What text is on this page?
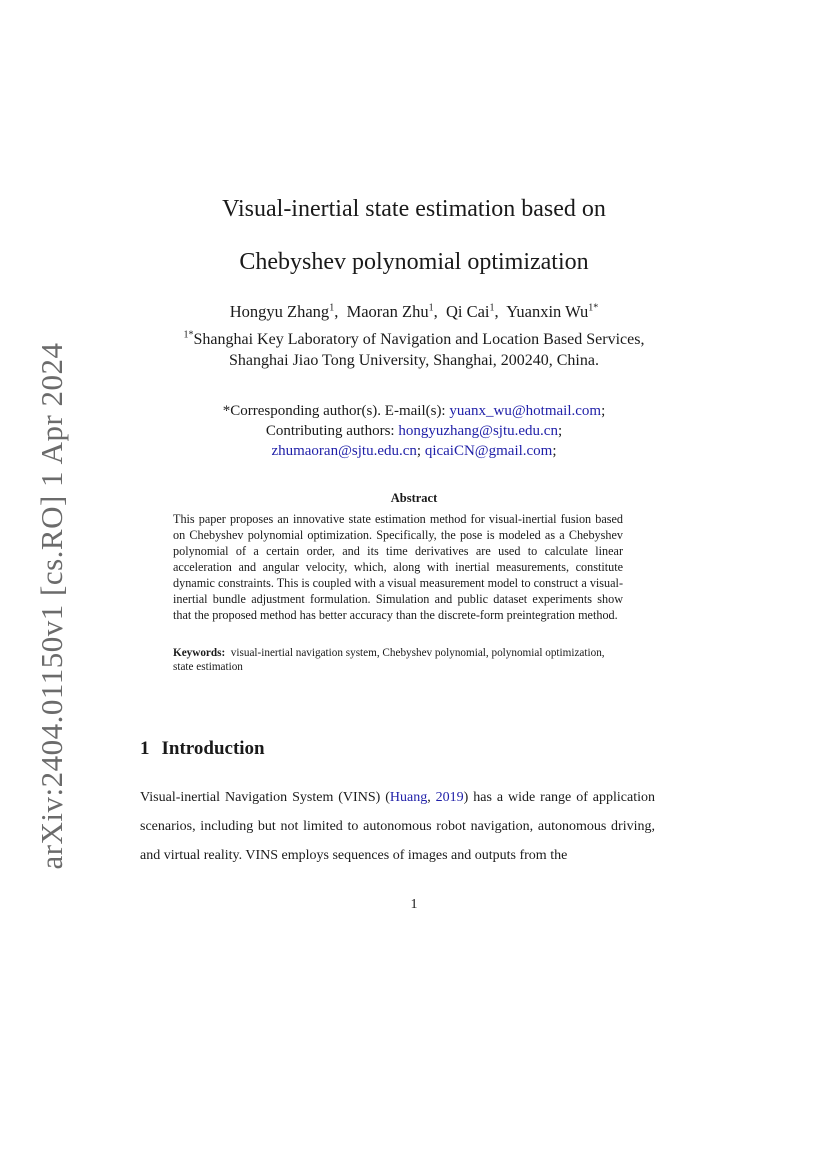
arXiv:2404.01150v1 [cs.RO] 1 Apr 2024
Visual-inertial state estimation based on
Chebyshev polynomial optimization
Hongyu Zhang$^1$,  Maoran Zhu$^1$,  Qi Cai$^1$,  Yuanxin $Wu^{1*}$
$^{1*}$Shanghai Key Laboratory of Navigation and Location Based Services,
Shanghai Jiao Tong University, Shanghai, 200240, China.
*Corresponding author(s). E-mail(s): yuanx_wu@hotmail.com;
Contributing authors: hongyuzhang@sjtu.edu.cn;
zhumaoran@sjtu.edu.cn; qicaiCN@gmail.com;
Abstract
This paper proposes an innovative state estimation method for visual-inertial fusion based on Chebyshev polynomial optimization. Specifically, the pose is modeled as a Chebyshev polynomial of a certain order, and its time derivatives are used to calculate linear acceleration and angular velocity, which, along with inertial measurements, constitute dynamic constraints. This is coupled with a visual measurement model to construct a visual-inertial bundle adjustment formulation. Simulation and public dataset experiments show that the proposed method has better accuracy than the discrete-form preintegration method.
Keywords: visual-inertial navigation system, Chebyshev polynomial, polynomial optimization, state estimation
1 Introduction
Visual-inertial Navigation System (VINS) (Huang, 2019) has a wide range of application scenarios, including but not limited to autonomous robot navigation, autonomous driving, and virtual reality. VINS employs sequences of images and outputs from the
1
